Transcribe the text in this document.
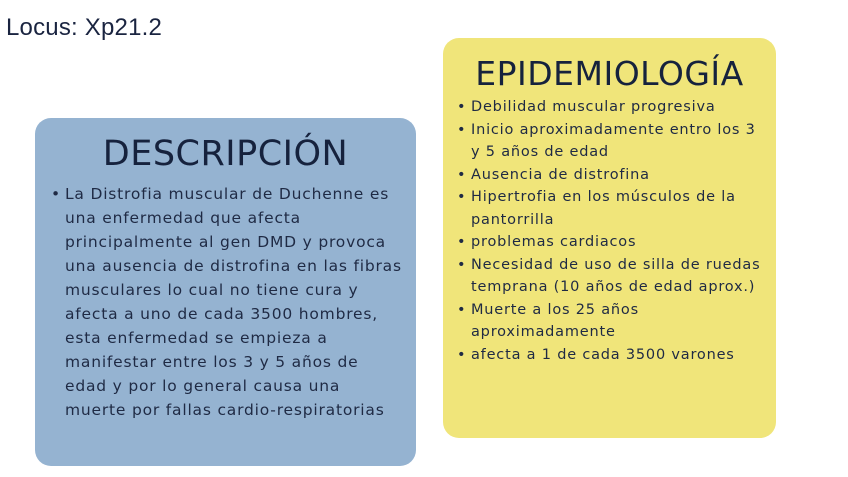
Locus: Xp21.2
DESCRIPCIÓN
• La Distrofia muscular de Duchenne es una enfermedad que afecta principalmente al gen DMD y provoca una ausencia de distrofina en las fibras musculares lo cual no tiene cura y afecta a uno de cada 3500 hombres, esta enfermedad se empieza a manifestar entre los 3 y 5 años de edad y por lo general causa una muerte por fallas cardio-respiratorias
EPIDEMIOLOGÍA
• Debilidad muscular progresiva
• Inicio aproximadamente entro los 3 y 5 años de edad
• Ausencia de distrofina
• Hipertrofia en los músculos de la pantorrilla
• problemas cardiacos
• Necesidad de uso de silla de ruedas temprana (10 años de edad aprox.)
• Muerte a los 25 años aproximadamente
• afecta a 1 de cada 3500 varones
